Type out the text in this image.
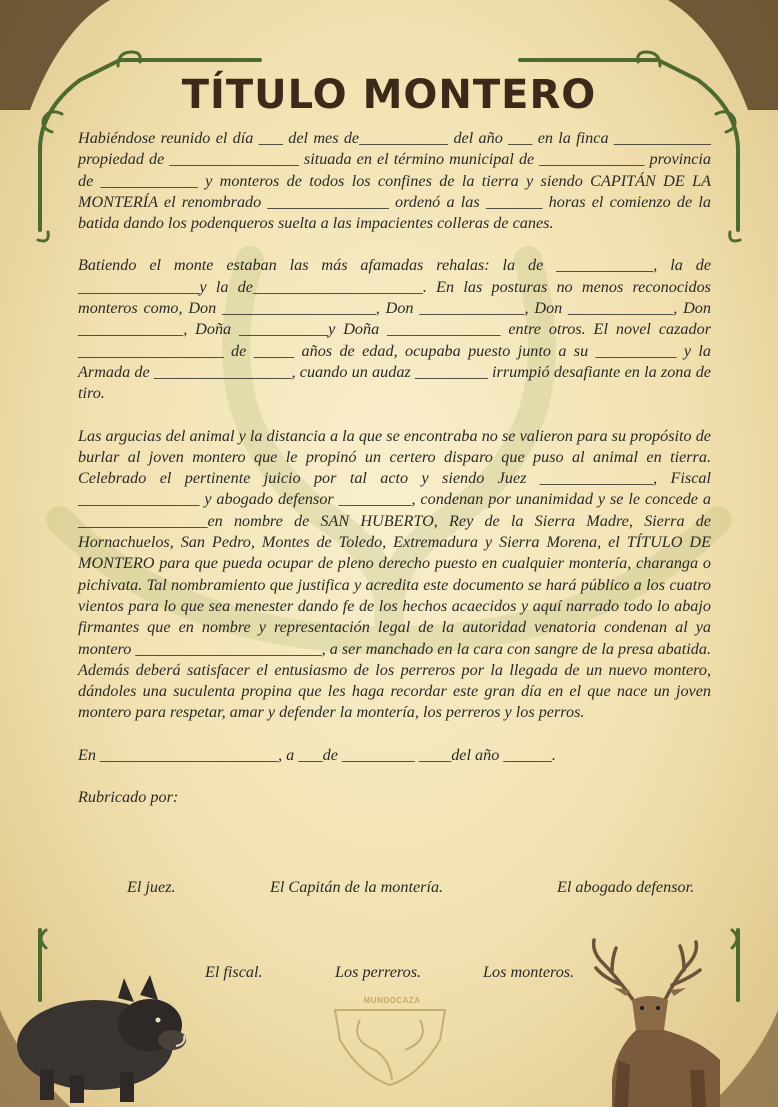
TÍTULO MONTERO

Habiéndose reunido el día ___ del mes de___________ del año ___ en la finca ____________ propiedad de ________________ situada en el término municipal de _____________ provincia de ____________ y monteros de todos los confines de la tierra y siendo CAPITÁN DE LA MONTERÍA el renombrado _______________ ordenó a las _______ horas el comienzo de la batida dando los podenqueros suelta a las impacientes colleras de canes.

Batiendo el monte estaban las más afamadas rehalas: la de ____________, la de _______________y la de_____________________. En las posturas no menos reconocidos monteros como, Don ___________________, Don _____________, Don _____________, Don _____________, Doña ___________y Doña ______________ entre otros. El novel cazador __________________ de _____ años de edad, ocupaba puesto junto a su __________ y la Armada de _________________, cuando un audaz _________ irrumpió desafiante en la zona de tiro.

Las argucias del animal y la distancia a la que se encontraba no se valieron para su propósito de burlar al joven montero que le propinó un certero disparo que puso al animal en tierra. Celebrado el pertinente juicio por tal acto y siendo Juez ______________, Fiscal _______________ y abogado defensor _________, condenan por unanimidad y se le concede a ________________en nombre de SAN HUBERTO, Rey de la Sierra Madre, Sierra de Hornachuelos, San Pedro, Montes de Toledo, Extremadura y Sierra Morena, el TÍTULO DE MONTERO para que pueda ocupar de pleno derecho puesto en cualquier montería, charanga o pichivata. Tal nombramiento que justifica y acredita este documento se hará público a los cuatro vientos para lo que sea menester dando fe de los hechos acaecidos y aquí narrado todo lo abajo firmantes que en nombre y representación legal de la autoridad venatoria condenan al ya montero _______________________, a ser manchado en la cara con sangre de la presa abatida. Además deberá satisfacer el entusiasmo de los perreros por la llegada de un nuevo montero, dándoles una suculenta propina que les haga recordar este gran día en el que nace un joven montero para respetar, amar y defender la montería, los perreros y los perros.

En ______________________, a ___de _________ ____del año ______.

Rubricado por:

El juez.	El Capitán de la montería.	El abogado defensor.
El fiscal.	Los perreros.	Los monteros.
MUNDOCAZA
